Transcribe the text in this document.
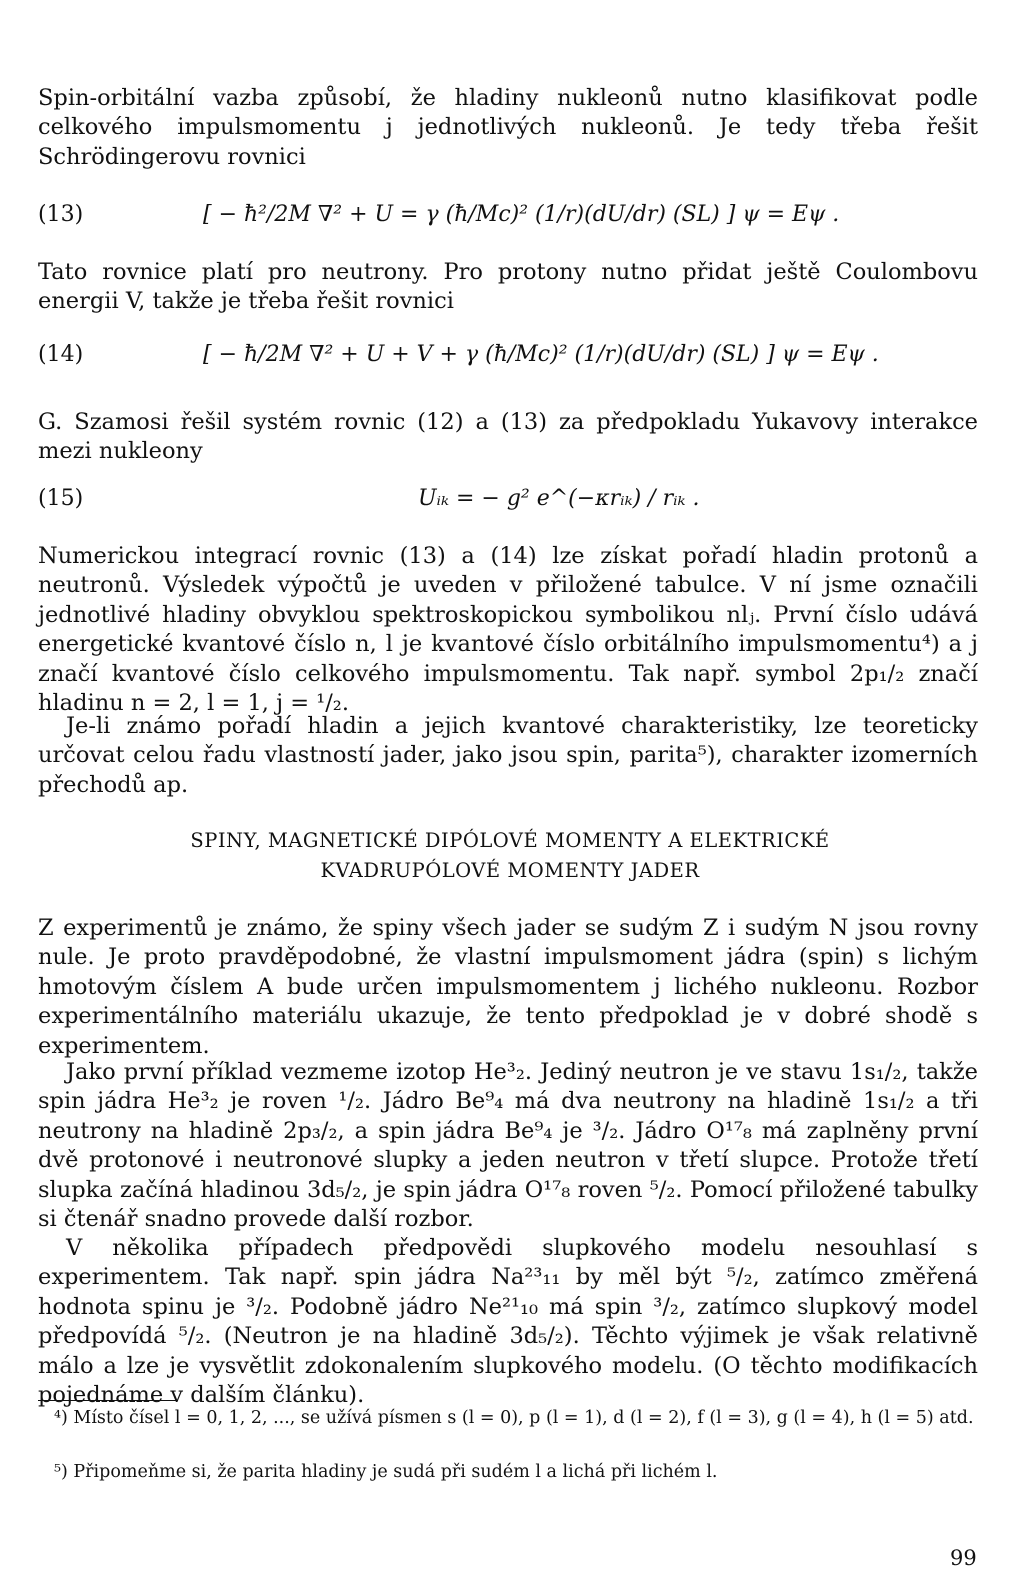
Spin-orbitální vazba způsobí, že hladiny nukleonů nutno klasifikovat podle celkového impulsmomentu j jednotlivých nukleonů. Je tedy třeba řešit Schrödingerovu rovnici

(13)	[ − ħ²/2M ∇² + U = γ (ħ/Mc)² (1/r)(dU/dr) (SL) ] ψ = Eψ .

Tato rovnice platí pro neutrony. Pro protony nutno přidat ještě Coulombovu energii V, takže je třeba řešit rovnici

(14)	[ − ħ/2M ∇² + U + V + γ (ħ/Mc)² (1/r)(dU/dr) (SL) ] ψ = Eψ .

G. Szamosi řešil systém rovnic (12) a (13) za předpokladu Yukavovy interakce mezi nukleony

(15)	Uᵢₖ = − g² e^(−κrᵢₖ) / rᵢₖ .

Numerickou integrací rovnic (13) a (14) lze získat pořadí hladin protonů a neutronů. Výsledek výpočtů je uveden v přiložené tabulce. V ní jsme označili jednotlivé hladiny obvyklou spektroskopickou symbolikou nlⱼ. První číslo udává energetické kvantové číslo n, l je kvantové číslo orbitálního impulsmomentu⁴) a j značí kvantové číslo celkového impulsmomentu. Tak např. symbol 2p₁/₂ značí hladinu n = 2, l = 1, j = ¹/₂.

Je-li známo pořadí hladin a jejich kvantové charakteristiky, lze teoreticky určovat celou řadu vlastností jader, jako jsou spin, parita⁵), charakter izomerních přechodů ap.

SPINY, MAGNETICKÉ DIPÓLOVÉ MOMENTY A ELEKTRICKÉ
KVADRUPÓLOVÉ MOMENTY JADER

Z experimentů je známo, že spiny všech jader se sudým Z i sudým N jsou rovny nule. Je proto pravděpodobné, že vlastní impulsmoment jádra (spin) s lichým hmotovým číslem A bude určen impulsmomentem j lichého nukleonu. Rozbor experimentálního materiálu ukazuje, že tento předpoklad je v dobré shodě s experimentem.

Jako první příklad vezmeme izotop He³₂. Jediný neutron je ve stavu 1s₁/₂, takže spin jádra He³₂ je roven ¹/₂. Jádro Be⁹₄ má dva neutrony na hladině 1s₁/₂ a tři neutrony na hladině 2p₃/₂, a spin jádra Be⁹₄ je ³/₂. Jádro O¹⁷₈ má zaplněny první dvě protonové i neutronové slupky a jeden neutron v třetí slupce. Protože třetí slupka začíná hladinou 3d₅/₂, je spin jádra O¹⁷₈ roven ⁵/₂. Pomocí přiložené tabulky si čtenář snadno provede další rozbor.

V několika případech předpovědi slupkového modelu nesouhlasí s experimentem. Tak např. spin jádra Na²³₁₁ by měl být ⁵/₂, zatímco změřená hodnota spinu je ³/₂. Podobně jádro Ne²¹₁₀ má spin ³/₂, zatímco slupkový model předpovídá ⁵/₂. (Neutron je na hladině 3d₅/₂). Těchto výjimek je však relativně málo a lze je vysvětlit zdokonalením slupkového modelu. (O těchto modifikacích pojednáme v dalším článku).

⁴) Místo čísel l = 0, 1, 2, ..., se užívá písmen s (l = 0), p (l = 1), d (l = 2), f (l = 3), g (l = 4), h (l = 5) atd.
⁵) Připomeňme si, že parita hladiny je sudá při sudém l a lichá při lichém l.
99
